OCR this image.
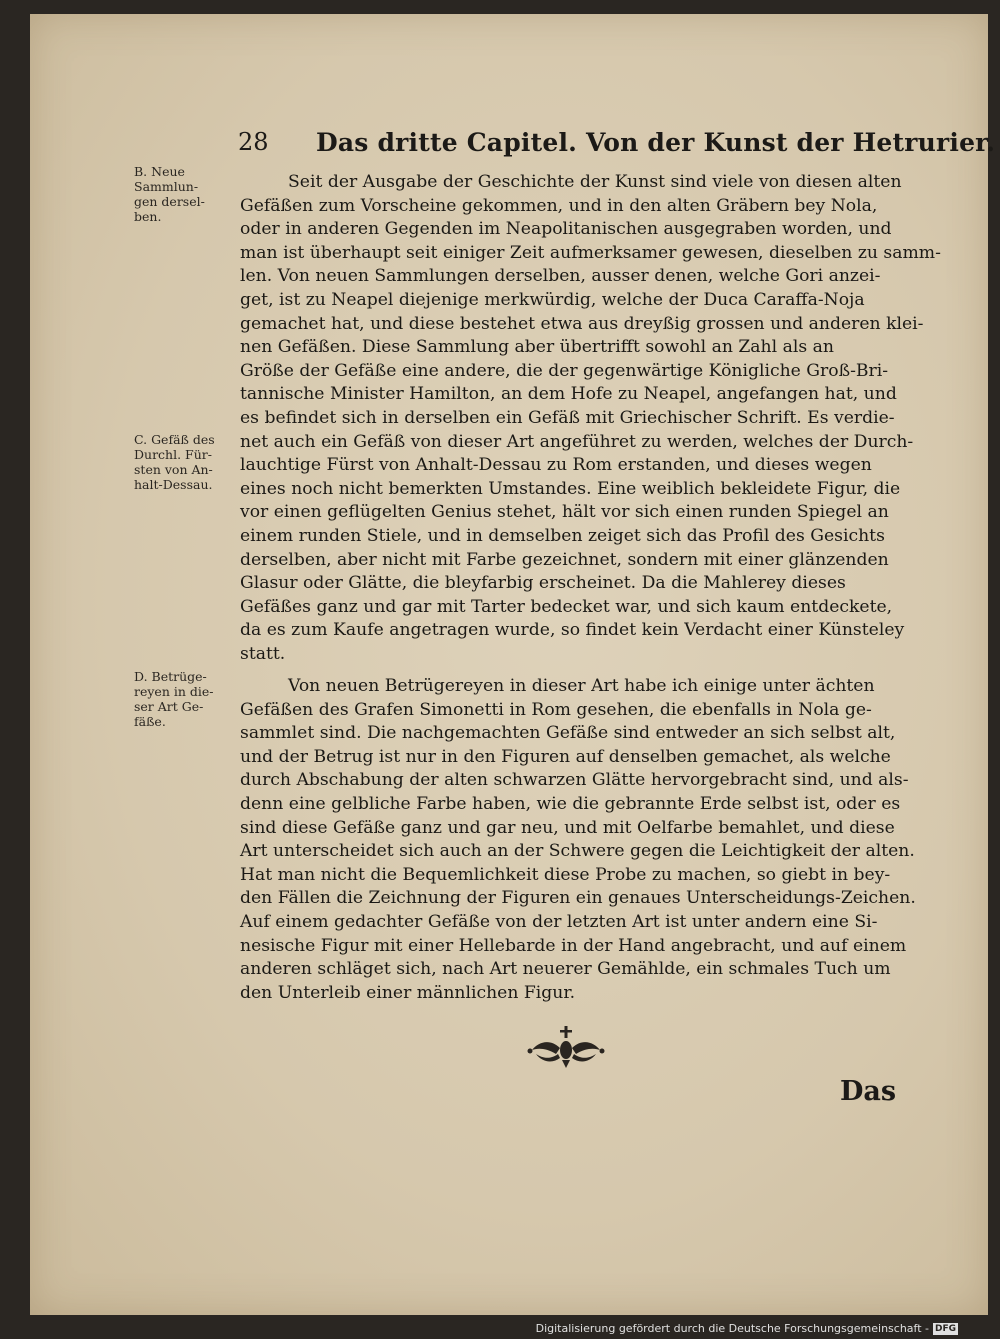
28 Das dritte Capitel. Von der Kunst der Hetrurier.
B. Neue
Sammlun-
gen dersel-
ben.
C. Gefäß des
Durchl. Für-
sten von An-
halt-Dessau.
D. Betrüge-
reyen in die-
ser Art Ge-
fäße.
Seit der Ausgabe der Geschichte der Kunst sind viele von diesen alten
Gefäßen zum Vorscheine gekommen, und in den alten Gräbern bey Nola,
oder in anderen Gegenden im Neapolitanischen ausgegraben worden, und
man ist überhaupt seit einiger Zeit aufmerksamer gewesen, dieselben zu samm-
len. Von neuen Sammlungen derselben, ausser denen, welche Gori anzei-
get, ist zu Neapel diejenige merkwürdig, welche der Duca Caraffa-Noja
gemachet hat, und diese bestehet etwa aus dreyßig grossen und anderen klei-
nen Gefäßen. Diese Sammlung aber übertrifft sowohl an Zahl als an
Größe der Gefäße eine andere, die der gegenwärtige Königliche Groß-Bri-
tannische Minister Hamilton, an dem Hofe zu Neapel, angefangen hat, und
es befindet sich in derselben ein Gefäß mit Griechischer Schrift. Es verdie-
net auch ein Gefäß von dieser Art angeführet zu werden, welches der Durch-
lauchtige Fürst von Anhalt-Dessau zu Rom erstanden, und dieses wegen
eines noch nicht bemerkten Umstandes. Eine weiblich bekleidete Figur, die
vor einen geflügelten Genius stehet, hält vor sich einen runden Spiegel an
einem runden Stiele, und in demselben zeiget sich das Profil des Gesichts
derselben, aber nicht mit Farbe gezeichnet, sondern mit einer glänzenden
Glasur oder Glätte, die bleyfarbig erscheinet. Da die Mahlerey dieses
Gefäßes ganz und gar mit Tarter bedecket war, und sich kaum entdeckete,
da es zum Kaufe angetragen wurde, so findet kein Verdacht einer Künsteley
statt.
Von neuen Betrügereyen in dieser Art habe ich einige unter ächten
Gefäßen des Grafen Simonetti in Rom gesehen, die ebenfalls in Nola ge-
sammlet sind. Die nachgemachten Gefäße sind entweder an sich selbst alt,
und der Betrug ist nur in den Figuren auf denselben gemachet, als welche
durch Abschabung der alten schwarzen Glätte hervorgebracht sind, und als-
denn eine gelbliche Farbe haben, wie die gebrannte Erde selbst ist, oder es
sind diese Gefäße ganz und gar neu, und mit Oelfarbe bemahlet, und diese
Art unterscheidet sich auch an der Schwere gegen die Leichtigkeit der alten.
Hat man nicht die Bequemlichkeit diese Probe zu machen, so giebt in bey-
den Fällen die Zeichnung der Figuren ein genaues Unterscheidungs-Zeichen.
Auf einem gedachter Gefäße von der letzten Art ist unter andern eine Si-
nesische Figur mit einer Hellebarde in der Hand angebracht, und auf einem
anderen schläget sich, nach Art neuerer Gemählde, ein schmales Tuch um
den Unterleib einer männlichen Figur.
Das
Digitalisierung gefördert durch die Deutsche Forschungsgemeinschaft - DFG
